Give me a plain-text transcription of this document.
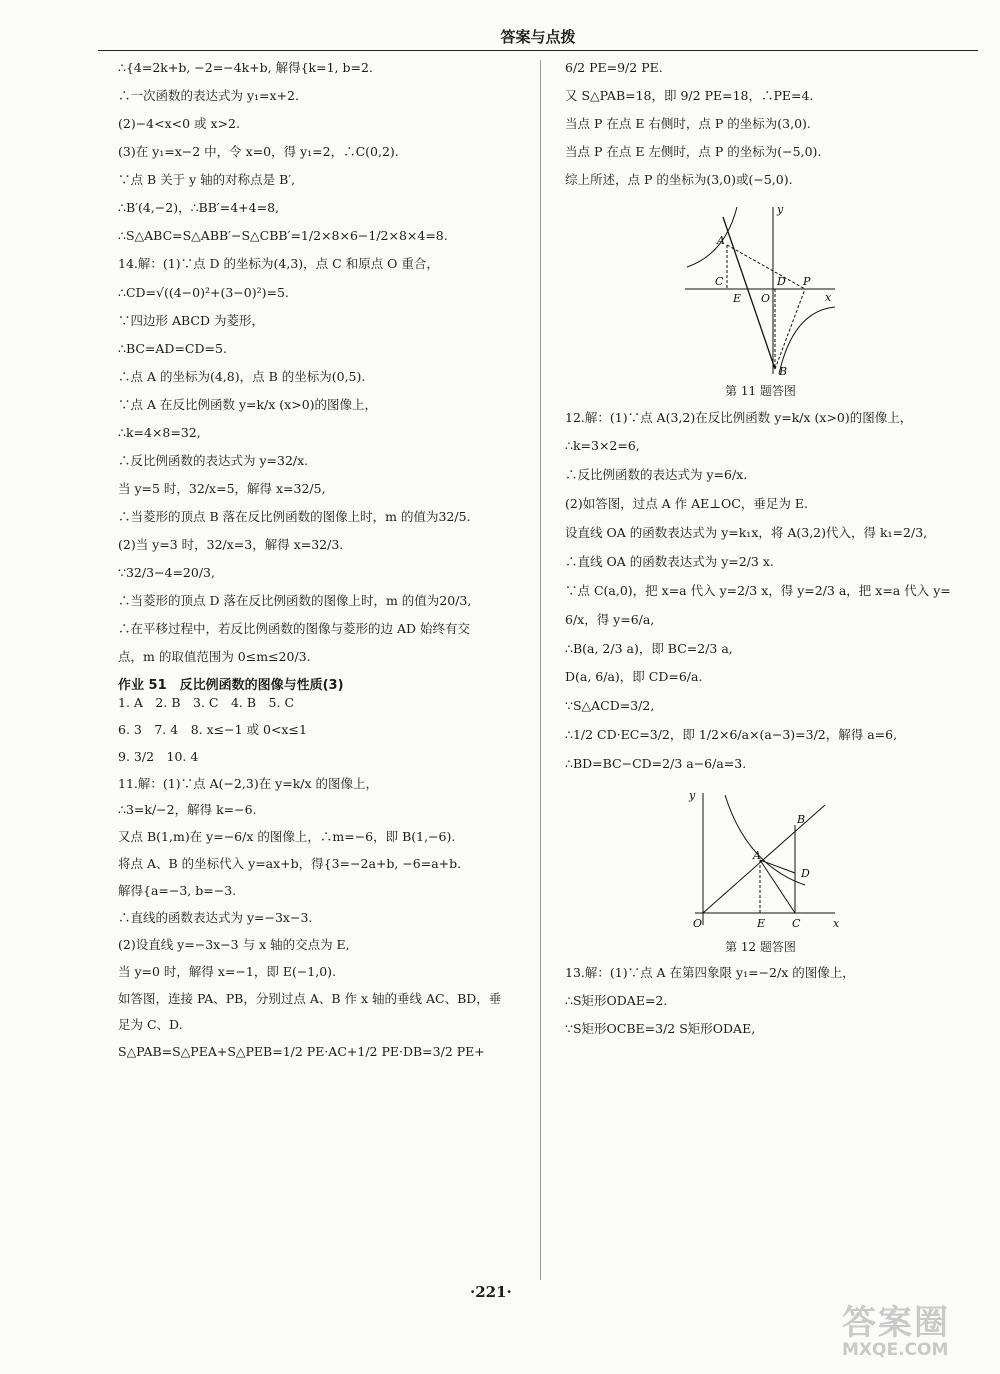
答案与点拨
∴{4=2k+b, −2=−4k+b, 解得{k=1, b=2.
∴一次函数的表达式为 y₁=x+2.
(2)−4<x<0 或 x>2.
(3)在 y₁=x−2 中，令 x=0，得 y₁=2，∴C(0,2).
∵点 B 关于 y 轴的对称点是 B′,
∴B′(4,−2)，∴BB′=4+4=8,
∴S△ABC=S△ABB′−S△CBB′=1/2×8×6−1/2×8×4=8.
14.解：(1)∵点 D 的坐标为(4,3)，点 C 和原点 O 重合，
∴CD=√((4−0)²+(3−0)²)=5.
∵四边形 ABCD 为菱形，
∴BC=AD=CD=5.
∴点 A 的坐标为(4,8)，点 B 的坐标为(0,5).
∵点 A 在反比例函数 y=k/x (x>0)的图像上，
∴k=4×8=32,
∴反比例函数的表达式为 y=32/x.
当 y=5 时，32/x=5，解得 x=32/5,
∴当菱形的顶点 B 落在反比例函数的图像上时，m 的值为32/5.
(2)当 y=3 时，32/x=3，解得 x=32/3.
∵32/3−4=20/3,
∴当菱形的顶点 D 落在反比例函数的图像上时，m 的值为20/3,
∴在平移过程中，若反比例函数的图像与菱形的边 AD 始终有交
点，m 的取值范围为 0≤m≤20/3.
作业 51　反比例函数的图像与性质(3)
1. A　2. B　3. C　4. B　5. C
6. 3　7. 4　8. x≤−1 或 0<x≤1
9. 3/2　10. 4
11.解：(1)∵点 A(−2,3)在 y=k/x 的图像上，
∴3=k/−2，解得 k=−6.
又点 B(1,m)在 y=−6/x 的图像上，∴m=−6，即 B(1,−6).
将点 A、B 的坐标代入 y=ax+b，得{3=−2a+b, −6=a+b.
解得{a=−3, b=−3.
∴直线的函数表达式为 y=−3x−3.
(2)设直线 y=−3x−3 与 x 轴的交点为 E,
当 y=0 时，解得 x=−1，即 E(−1,0).
如答图，连接 PA、PB，分别过点 A、B 作 x 轴的垂线 AC、BD，垂
足为 C、D.
S△PAB=S△PEA+S△PEB=1/2 PE·AC+1/2 PE·DB=3/2 PE+
6/2 PE=9/2 PE.
又 S△PAB=18，即 9/2 PE=18，∴PE=4.
当点 P 在点 E 右侧时，点 P 的坐标为(3,0).
当点 P 在点 E 左侧时，点 P 的坐标为(−5,0).
综上所述，点 P 的坐标为(3,0)或(−5,0).
y
A
C
E O
D P
x
B
第 11 题答图
12.解：(1)∵点 A(3,2)在反比例函数 y=k/x (x>0)的图像上，
∴k=3×2=6,
∴反比例函数的表达式为 y=6/x.
(2)如答图，过点 A 作 AE⊥OC，垂足为 E.
设直线 OA 的函数表达式为 y=k₁x，将 A(3,2)代入，得 k₁=2/3,
∴直线 OA 的函数表达式为 y=2/3 x.
∵点 C(a,0)，把 x=a 代入 y=2/3 x，得 y=2/3 a，把 x=a 代入 y=
6/x，得 y=6/a,
∴B(a, 2/3 a)，即 BC=2/3 a,
D(a, 6/a)，即 CD=6/a.
∵S△ACD=3/2,
∴1/2 CD·EC=3/2，即 1/2×6/a×(a−3)=3/2，解得 a=6,
∴BD=BC−CD=2/3 a−6/a=3.
y
A
B
D
O	E C	x
第 12 题答图
13.解：(1)∵点 A 在第四象限 y₁=−2/x 的图像上，
∴S矩形ODAE=2.
∵S矩形OCBE=3/2 S矩形ODAE,
·221·
答案圈
MXQE.COM
